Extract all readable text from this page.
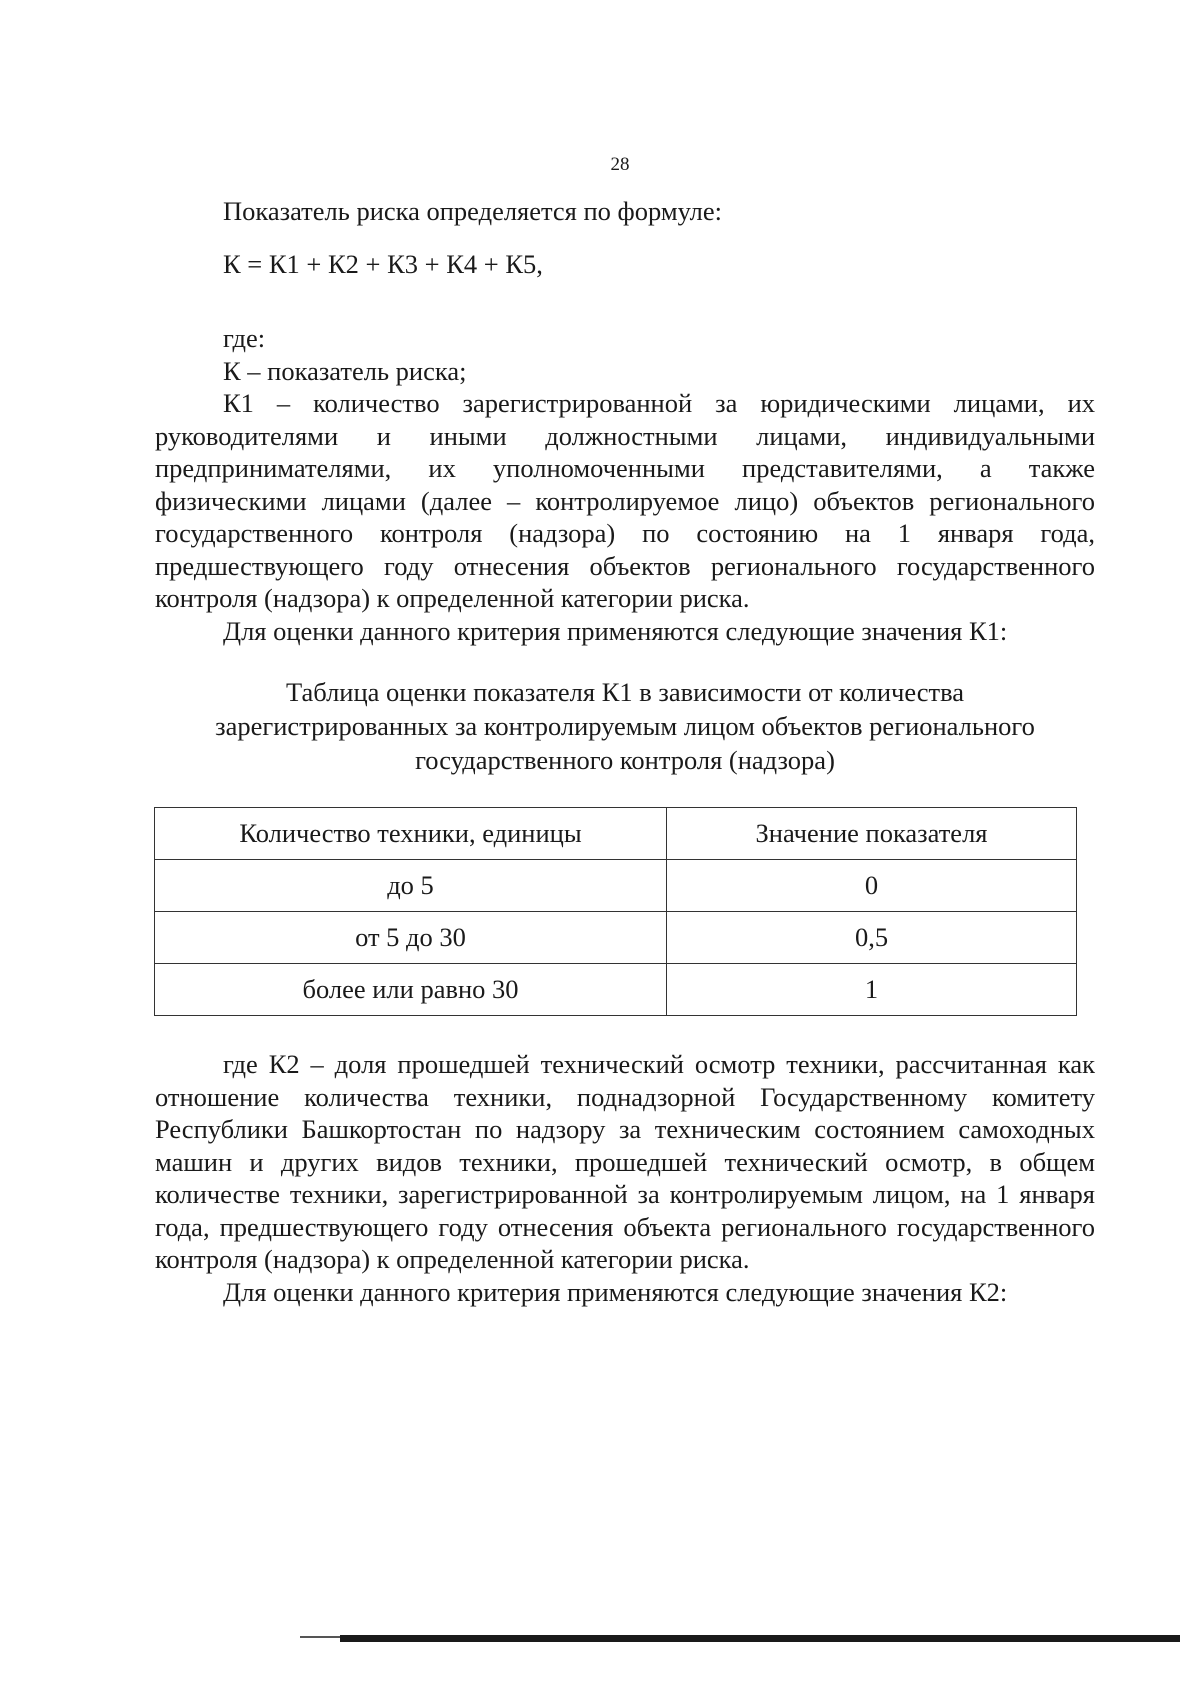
28

Показатель риска определяется по формуле:

К = К1 + К2 + К3 + К4 + К5,

где:

К – показатель риска;

К1 – количество зарегистрированной за юридическими лицами, их руководителями и иными должностными лицами, индивидуальными предпринимателями, их уполномоченными представителями, а также физическими лицами (далее – контролируемое лицо) объектов регионального государственного контроля (надзора) по состоянию на 1 января года, предшествующего году отнесения объектов регионального государственного контроля (надзора) к определенной категории риска.

Для оценки данного критерия применяются следующие значения К1:

Таблица оценки показателя К1 в зависимости от количества
зарегистрированных за контролируемым лицом объектов регионального
государственного контроля (надзора)
Количество техники, единицы	Значение показателя
до 5	0
от 5 до 30	0,5
более или равно 30	1

где К2 – доля прошедшей технический осмотр техники, рассчитанная как отношение количества техники, поднадзорной Государственному комитету Республики Башкортостан по надзору за техническим состоянием самоходных машин и других видов техники, прошедшей технический осмотр, в общем количестве техники, зарегистрированной за контролируемым лицом, на 1 января года, предшествующего году отнесения объекта регионального государственного контроля (надзора) к определенной категории риска.

Для оценки данного критерия применяются следующие значения К2:
